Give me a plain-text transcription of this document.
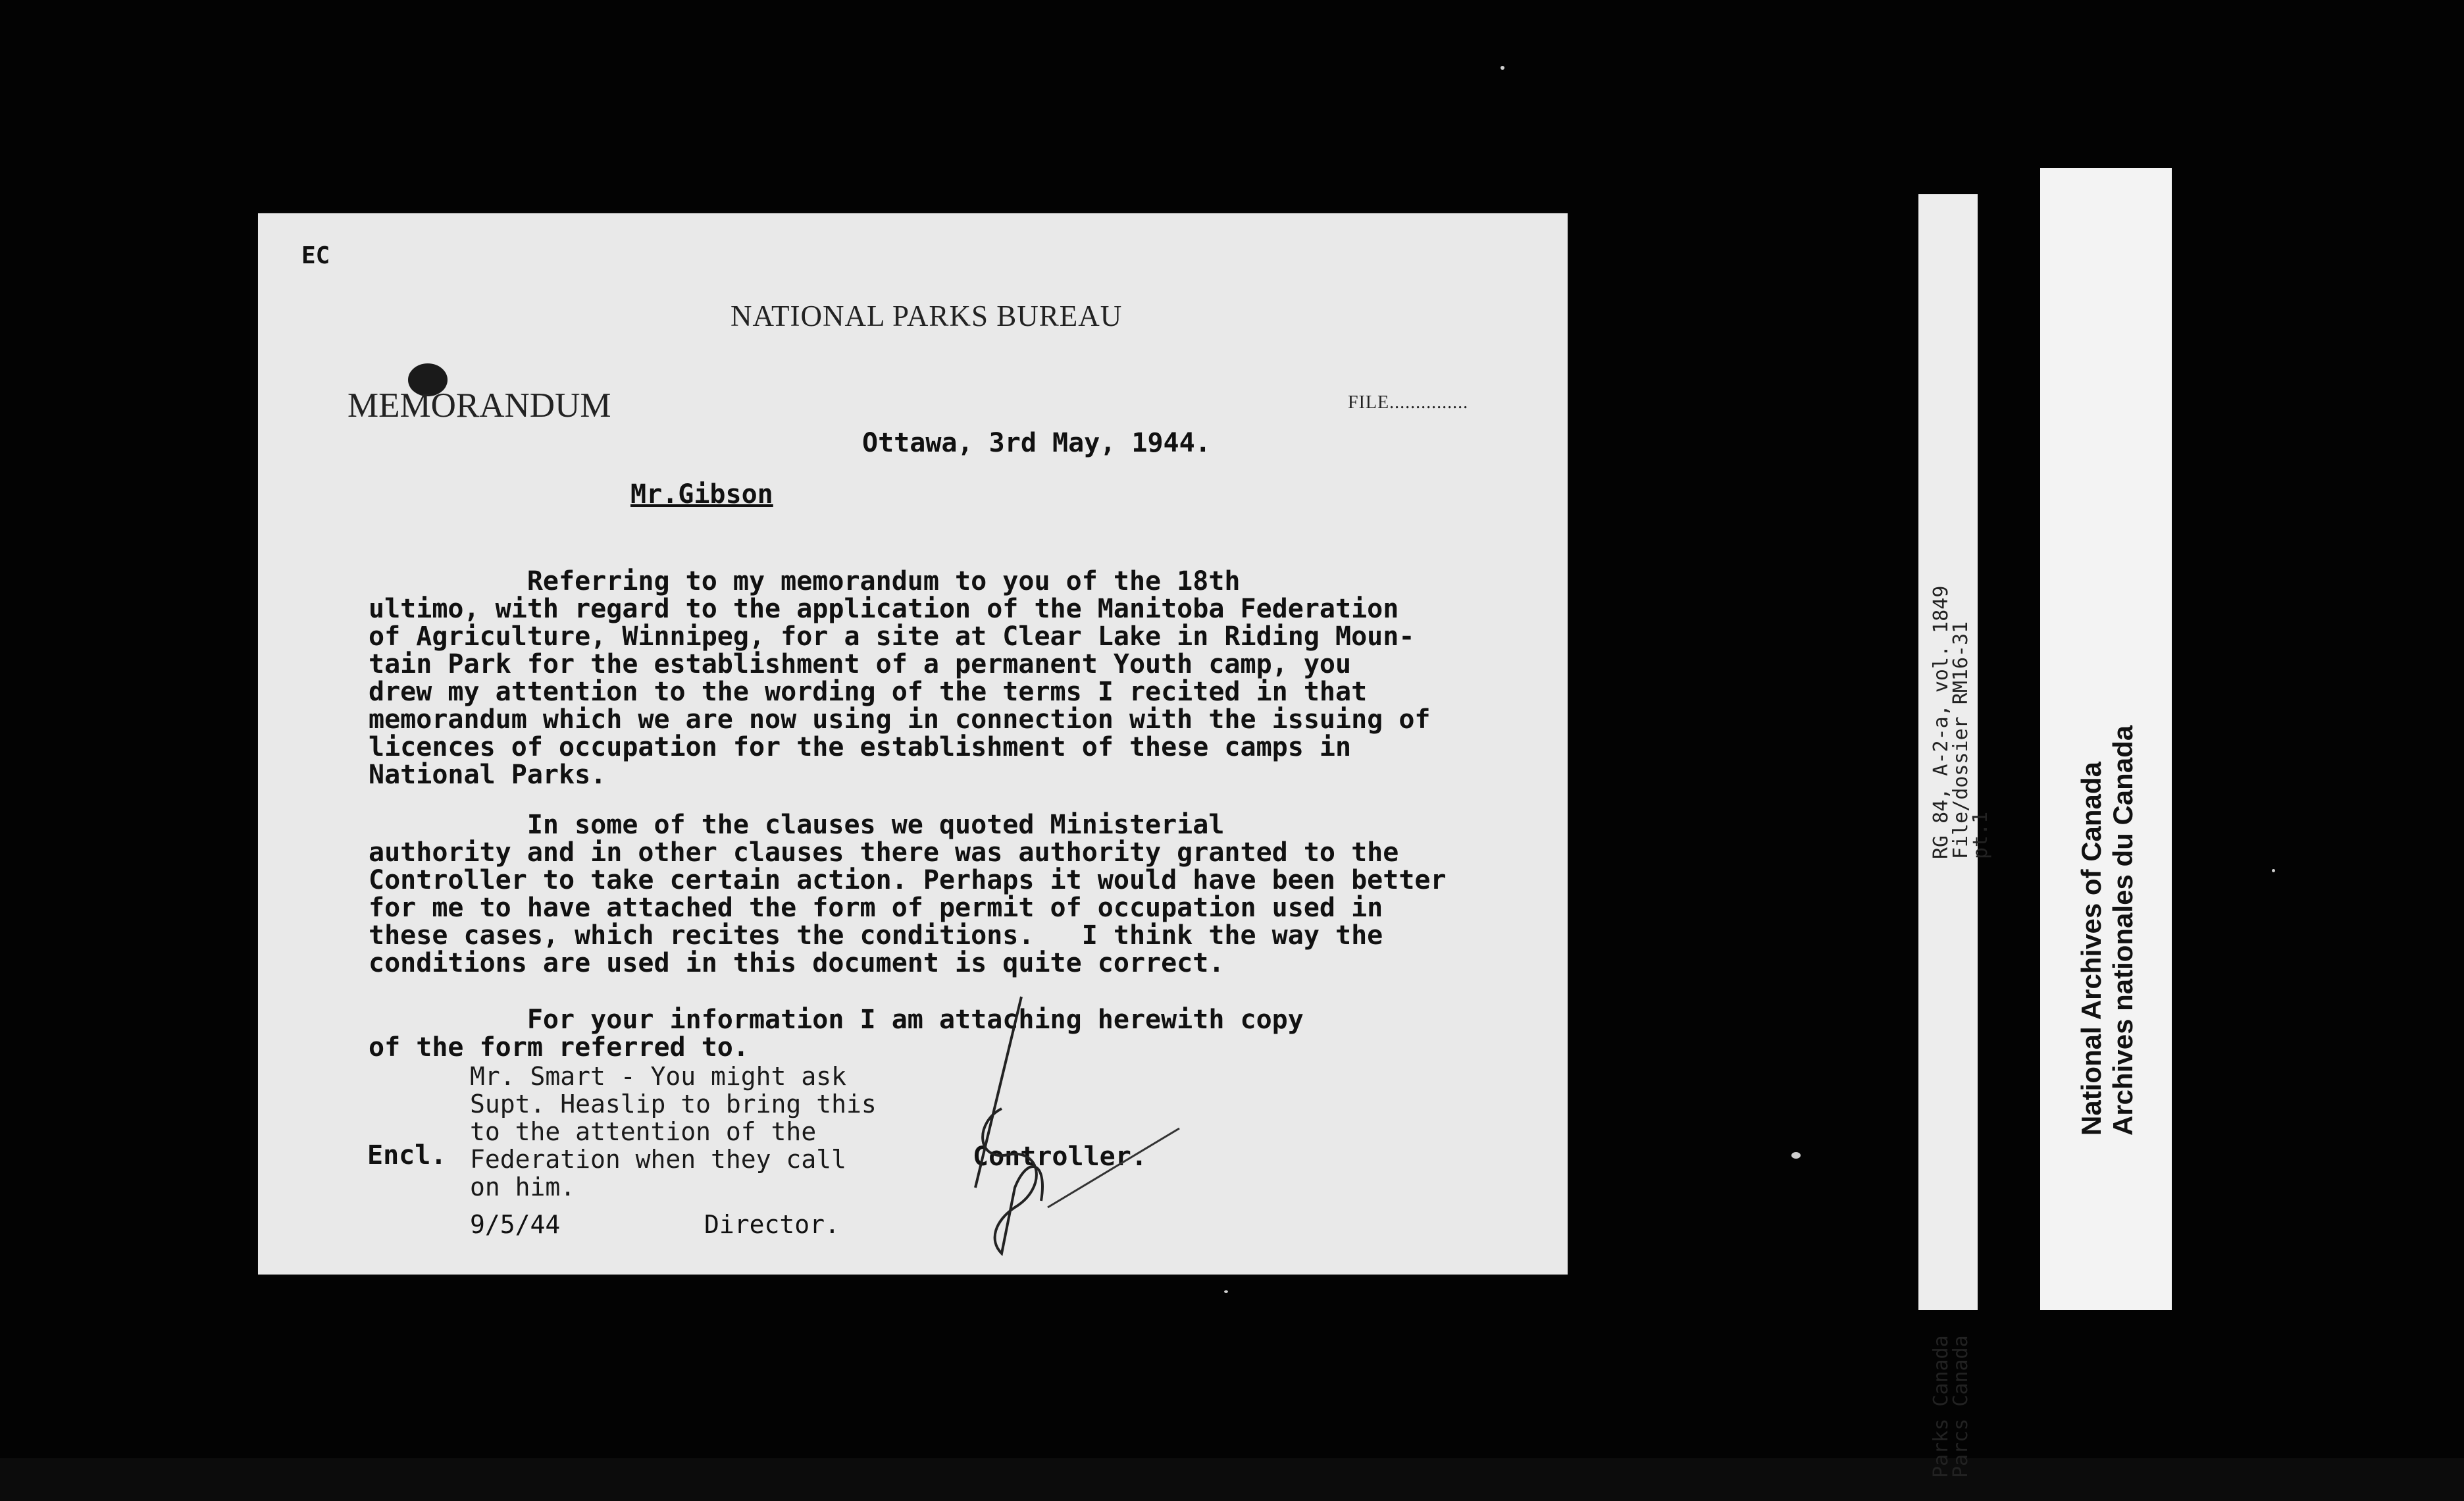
EC

NATIONAL PARKS BUREAU

MEMORANDUM	FILE...............

Ottawa, 3rd May, 1944.

Mr.Gibson

Referring to my memorandum to you of the 18th
ultimo, with regard to the application of the Manitoba Federation
of Agriculture, Winnipeg, for a site at Clear Lake in Riding Moun-
tain Park for the establishment of a permanent Youth camp, you
drew my attention to the wording of the terms I recited in that
memorandum which we are now using in connection with the issuing of
licences of occupation for the establishment of these camps in
National Parks.

In some of the clauses we quoted Ministerial
authority and in other clauses there was authority granted to the
Controller to take certain action. Perhaps it would have been better
for me to have attached the form of permit of occupation used in
these cases, which recites the conditions.   I think the way the
conditions are used in this document is quite correct.

For your information I am attaching herewith copy
of the form referred to.

Mr. Smart - You might ask
Supt. Heaslip to bring this
to the attention of the
Federation when they call
on him.

Encl.	Controller.

9/5/44	Director.

RG 84, A-2-a, vol. 1849
File/dossier RM16-31
pt.1

Parks Canada
Parcs Canada

National Archives of Canada
Archives nationales du Canada
